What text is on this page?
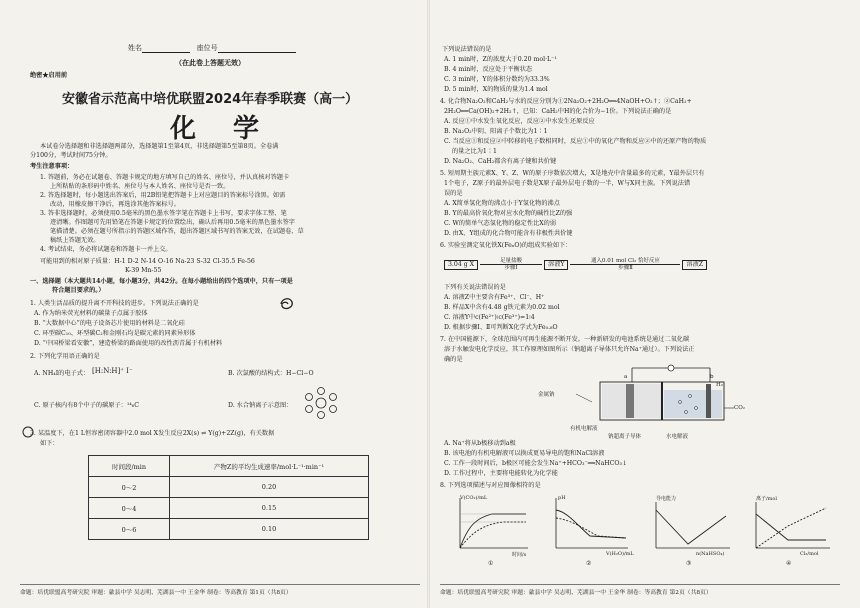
姓名	座位号
（在此卷上答题无效）
绝密★启用前
安徽省示范高中培优联盟2024年春季联赛（高一）
化 学
本试卷分选择题和非选择题两部分，选择题第1至第4页，非选择题第5至第8页。全卷满
分100分，考试时间75分钟。
考生注意事项：
1. 答题前，务必在试题卷、答题卡规定的地方填写自己的姓名、座位号，并认真核对答题卡
上所粘贴的条形码中姓名、座位号与本人姓名、座位号是否一致。
2. 答选择题时，每小题选出答案后，用2B铅笔把答题卡上对应题目的答案标号涂黑。如需
改动，用橡皮擦干净后，再选涂其他答案标号。
3. 答非选择题时，必须使用0.5毫米的黑色墨水签字笔在答题卡上书写，要求字体工整、笔
迹清晰。作图题可先用铅笔在答题卡规定的位置绘出，确认后再用0.5毫米的黑色墨水签字
笔描清楚。必须在题号所指示的答题区域作答，超出答题区域书写的答案无效，在试题卷、草
稿纸上答题无效。
4. 考试结束，务必将试题卷和答题卡一并上交。
可能用到的相对原子质量：H-1 D-2 N-14 O-16 Na-23 S-32 Cl-35.5 Fe-56
K-39 Mn-55
一、选择题（本大题共14小题，每小题3分，共42分。在每小题给出的四个选项中，只有一项是
符合题目要求的。）
1. 人类生活品质的提升离不开科技的进步。下列说法正确的是
A. 作为纳米荧光材料的碳量子点属于胶体
B. “大数据中心”的电子设备芯片使用的材料是二氧化硅
C. 环型碳C₁₀、环型碳C₂和金刚石均是碳元素的同素异形体
D. “中国桥梁看安徽”，建造桥梁的路面使用的改性沥青属于有机材料
2. 下列化学用语正确的是
A. NH₄I的电子式： [H:N:H]⁺ I⁻	B. 次氯酸的结构式：H−Cl−O
C. 原子核内有8个中子的碳原子：¹⁴₆C	D. 水合钠离子示意图：
3. 某温度下，在1 L恒容密闭容器中2.0 mol X发生反应2X(s) ⇌ Y(g)+2Z(g)，有关数据
如下：
时间段/min	产物Z的平均生成速率/mol·L⁻¹·min⁻¹
0～2	0.20
0～4	0.15
0～6	0.10
命题：培优联盟高考研究院 审题：歙县中学 吴志明、芜湖县一中 王金华 制卷：等高教育 第1页（共8页）
下列说法错误的是
A. 1 min时，Z的浓度大于0.20 mol·L⁻¹
B. 4 min时，反应处于平衡状态
C. 3 min时，Y的体积分数约为33.3%
D. 5 min时，X的物质的量为1.4 mol
4. 化合物Na₂O₂和CaH₂与水的反应分别为①2Na₂O₂+2H₂O══4NaOH+O₂↑；②CaH₂+
2H₂O══Ca(OH)₂+2H₂↑，已知：CaH₂中H的化合价为−1价。下列说法正确的是
A. 反应①中水发生氧化反应，反应②中水发生还原反应
B. Na₂O₂中阴、阳离子个数比为1∶1
C. 当反应①和反应②中转移的电子数相同时，反应①中的氧化产物和反应②中的还原产物的物质
的量之比为1∶1
D. Na₂O₂、CaH₂都含有离子键和共价键
5. 短周期主族元素X、Y、Z、W的原子序数依次增大，X是地壳中含量最多的元素，Y最外层只有
1个电子，Z原子的最外层电子数是X原子最外层电子数的一半，W与X同主族。下列说法错
误的是
A. X简单氢化物的沸点小于Y氢化物的沸点
B. Y的最高价氧化物对应水化物的碱性比Z的强
C. W的简单气态氢化物的稳定性比X的弱
D. 由X、Y组成的化合物可能含有非极性共价键
6. 实验室测定氧化铁X(FeₓO)的组成实验如下：
3.04 g X	足量盐酸
步骤Ⅰ	溶液Y	通入0.01 mol Cl₂ 恰好反应
步骤Ⅱ	溶液Z
下列有关说法错误的是
A. 溶液Z中主要含有Fe³⁺、Cl⁻、H⁺
B. 样品X中含有4.48 g铁元素为0.02 mol
C. 溶液Y中c(Fe²⁺)∶c(Fe³⁺)=1∶4
D. 根据步骤Ⅰ、Ⅱ可判断X化学式为Fe₀.₈O
7. 在中国能源下，全球范围内可再生能源不断开发。一种新研发的电池系统是通过二氧化碳
溶于水触发电化学反应，其工作原理如图所示（钠超离子导体只允许Na⁺通过）。下列说法正
确的是
金属钠
有机电解液
钠超离子导体	水电解液
H₂
CO₂
a	b
A. Na⁺将从b极移动到a极
B. 该电池的有机电解液可以换成更易导电的饱和NaCl溶液
C. 工作一段时间后，b极区可能会发生Na⁺+HCO₃⁻══NaHCO₃↓
D. 工作过程中，主要将电能转化为化学能
8. 下列选项描述与对应图像相符的是
V(CO₂)/mL
时间/s
①
pH
V(H₂O)/mL
②
导电能力
n(NaHSO₄)
③
离子/mol
Cl₂/mol
④
命题：培优联盟高考研究院 审题：歙县中学 吴志明、芜湖县一中 王金华 制卷：等高教育 第2页（共8页）
